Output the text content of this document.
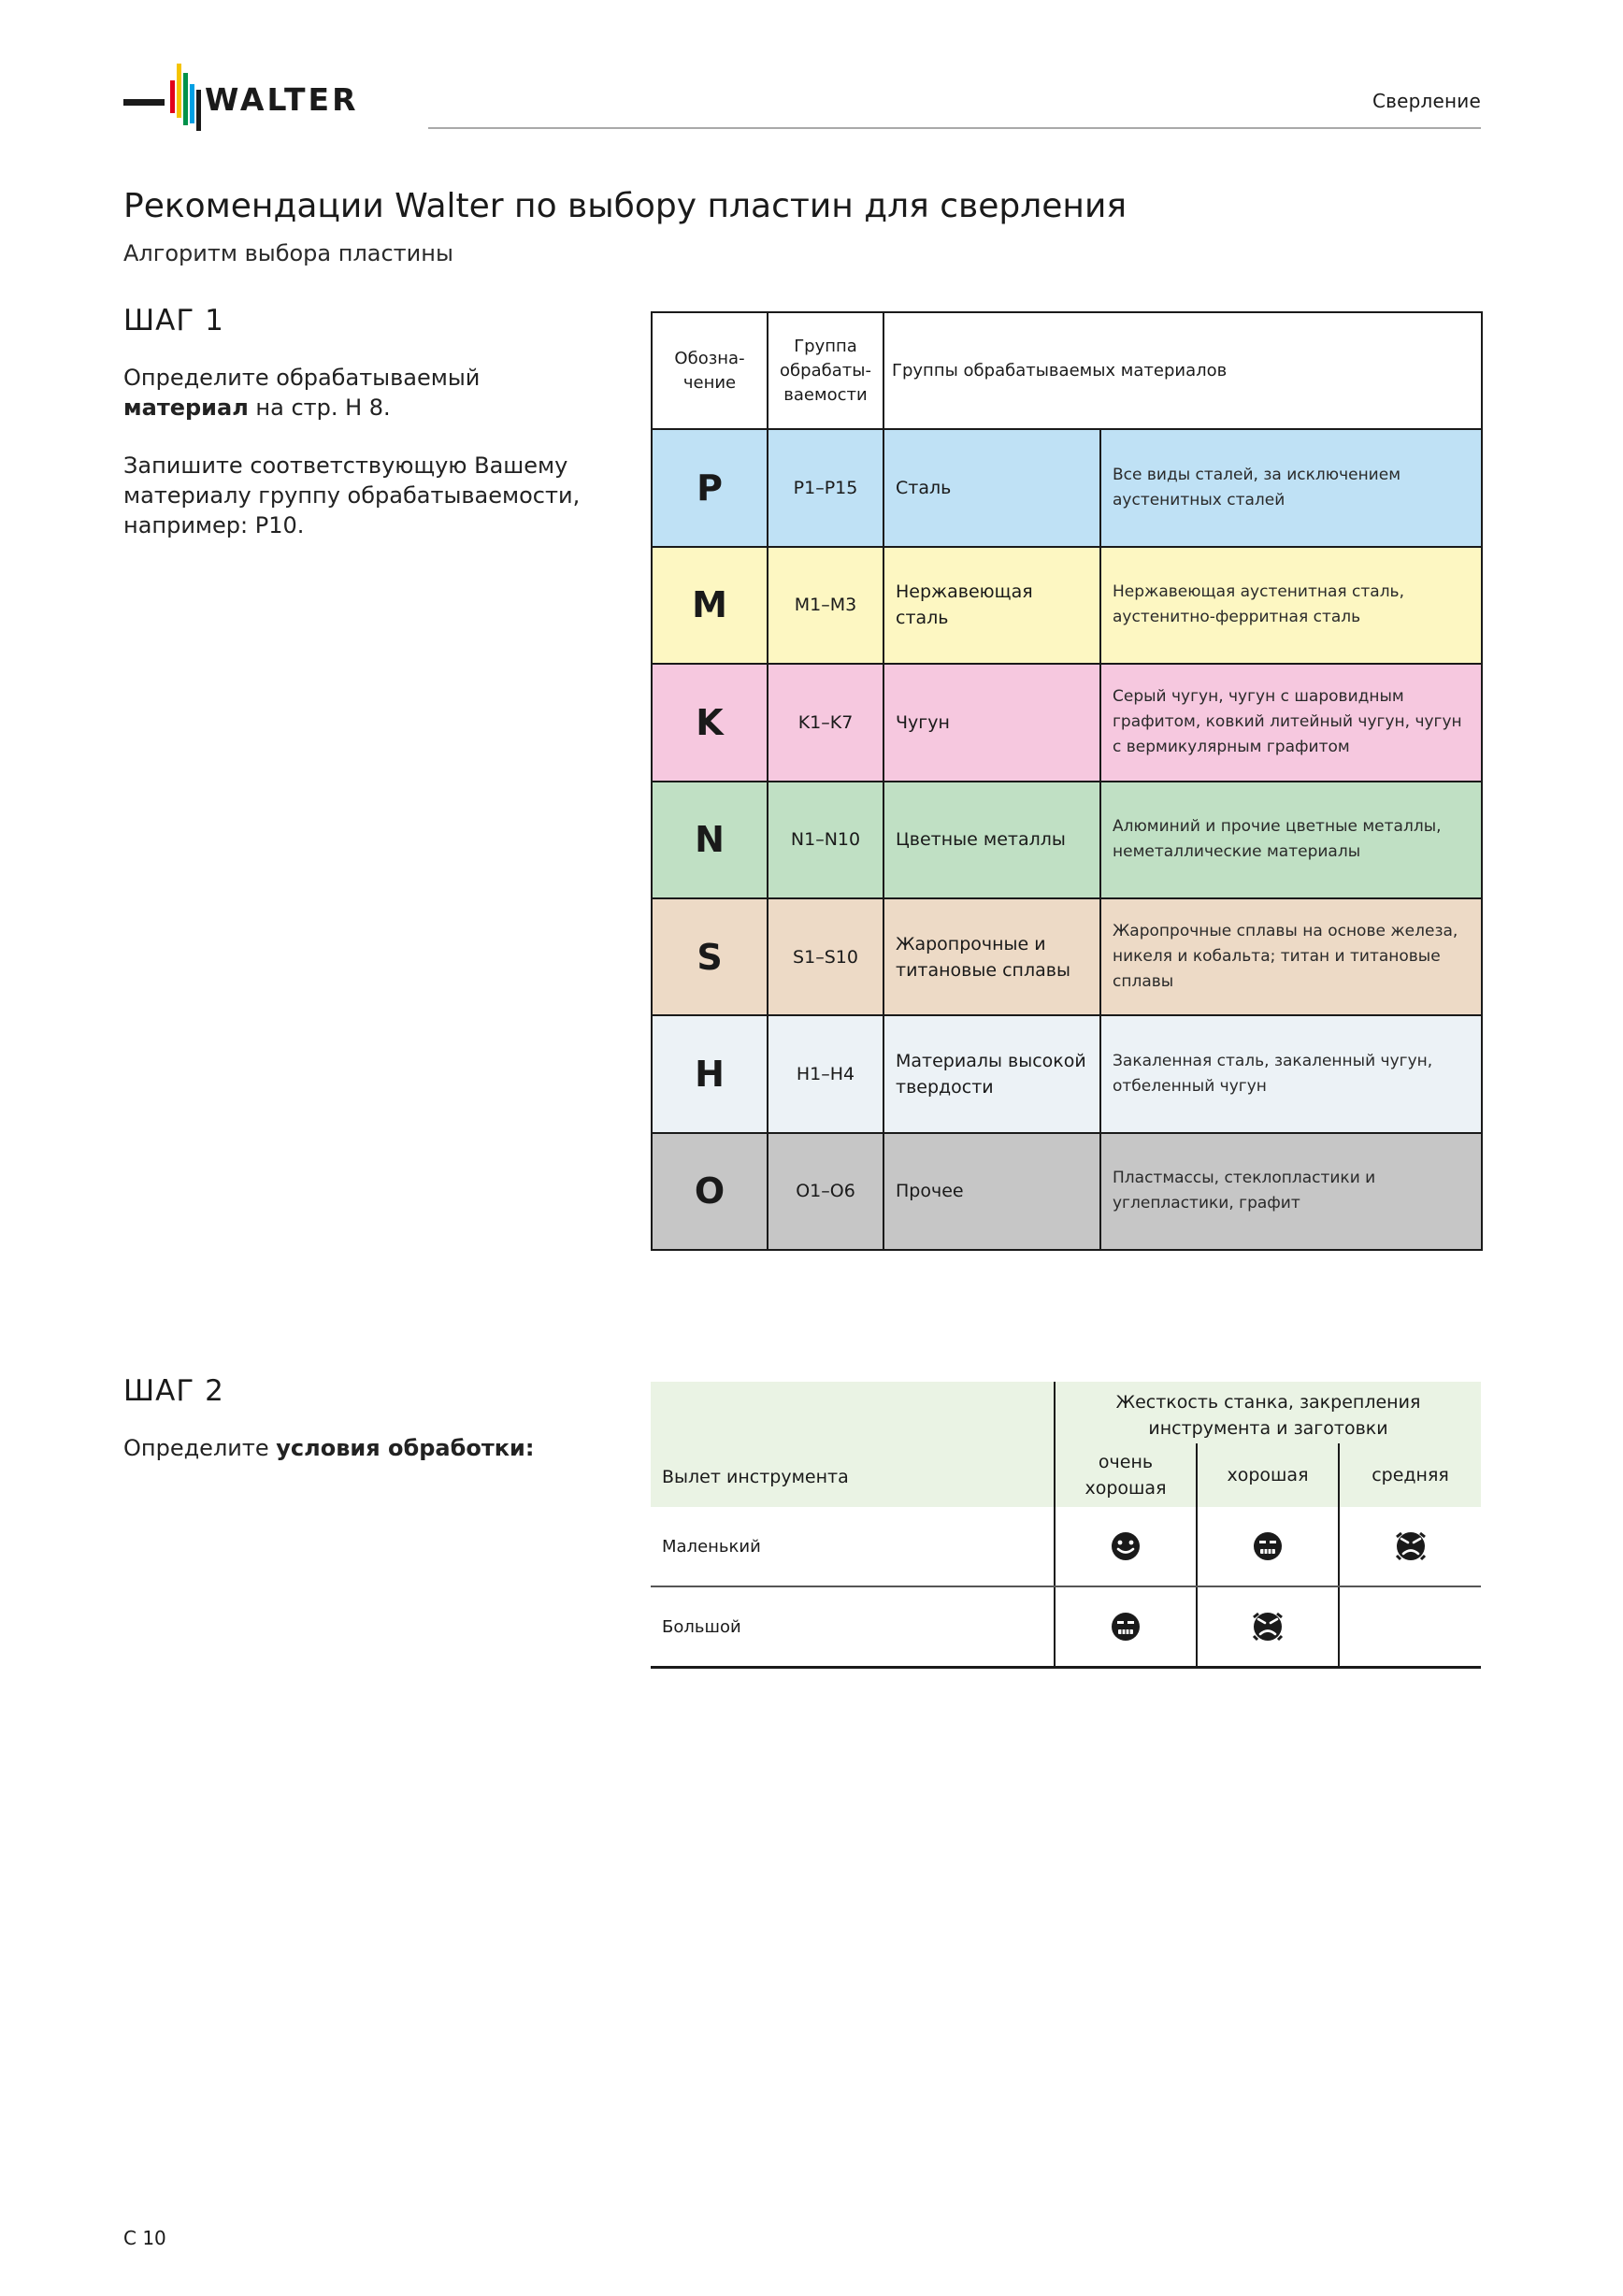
WALTER	Сверление
Рекомендации Walter по выбору пластин для сверления
Алгоритм выбора пластины
ШАГ 1
Определите обрабатываемый материал на стр. H 8.
Запишите соответствующую Вашему материалу группу обрабатываемости, например: P10.
Обозна-чение	Группа обрабаты-ваемости	Группы обрабатываемых материалов	
P	P1–P15	Сталь	Все виды сталей, за исключением аустенитных сталей
M	M1–M3	Нержавеющая сталь	Нержавеющая аустенитная сталь, аустенитно-ферритная сталь
K	K1–K7	Чугун	Серый чугун, чугун с шаровидным графитом, ковкий литейный чугун, чугун с вермикулярным графитом
N	N1–N10	Цветные металлы	Алюминий и прочие цветные металлы, неметаллические материалы
S	S1–S10	Жаропрочные и титановые сплавы	Жаропрочные сплавы на основе железа, никеля и кобальта; титан и титановые сплавы
H	H1–H4	Материалы высокой твердости	Закаленная сталь, закаленный чугун, отбеленный чугун
O	O1–O6	Прочее	Пластмассы, стеклопластики и углепластики, графит
ШАГ 2
Определите условия обработки:
Вылет инструмента	Жесткость станка, закрепления инструмента и заготовки		
	очень хорошая	хорошая	средняя
Маленький			
Большой			
C 10
